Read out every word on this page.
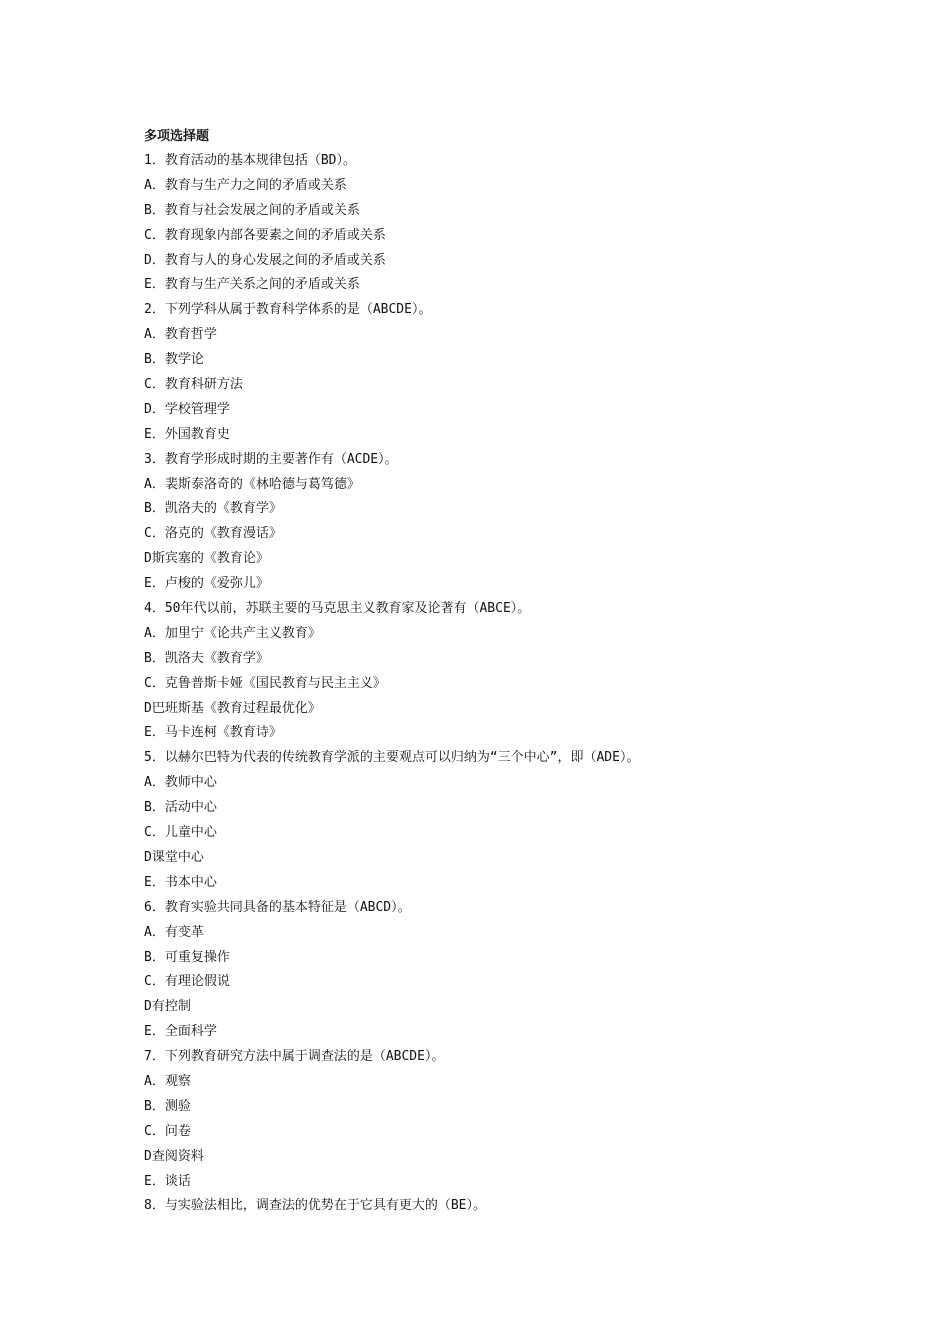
多项选择题
1．教育活动的基本规律包括（BD）。
A．教育与生产力之间的矛盾或关系
B．教育与社会发展之间的矛盾或关系
C．教育现象内部各要素之间的矛盾或关系
D．教育与人的身心发展之间的矛盾或关系
E．教育与生产关系之间的矛盾或关系
2．下列学科从属于教育科学体系的是（ABCDE）。
A．教育哲学
B．教学论
C．教育科研方法
D．学校管理学
E．外国教育史
3．教育学形成时期的主要著作有（ACDE）。
A．裴斯泰洛奇的《林哈德与葛笃德》
B．凯洛夫的《教育学》
C．洛克的《教育漫话》
D斯宾塞的《教育论》
E．卢梭的《爱弥儿》
4．50年代以前，苏联主要的马克思主义教育家及论著有（ABCE）。
A．加里宁《论共产主义教育》
B．凯洛夫《教育学》
C．克鲁普斯卡娅《国民教育与民主主义》
D巴班斯基《教育过程最优化》
E．马卡连柯《教育诗》
5．以赫尔巴特为代表的传统教育学派的主要观点可以归纳为“三个中心”，即（ADE）。
A．教师中心
B．活动中心
C．儿童中心
D课堂中心
E．书本中心
6．教育实验共同具备的基本特征是（ABCD）。
A．有变革
B．可重复操作
C．有理论假说
D有控制
E．全面科学
7．下列教育研究方法中属于调查法的是（ABCDE）。
A．观察
B．测验
C．问卷
D查阅资料
E．谈话
8．与实验法相比，调查法的优势在于它具有更大的（BE）。
